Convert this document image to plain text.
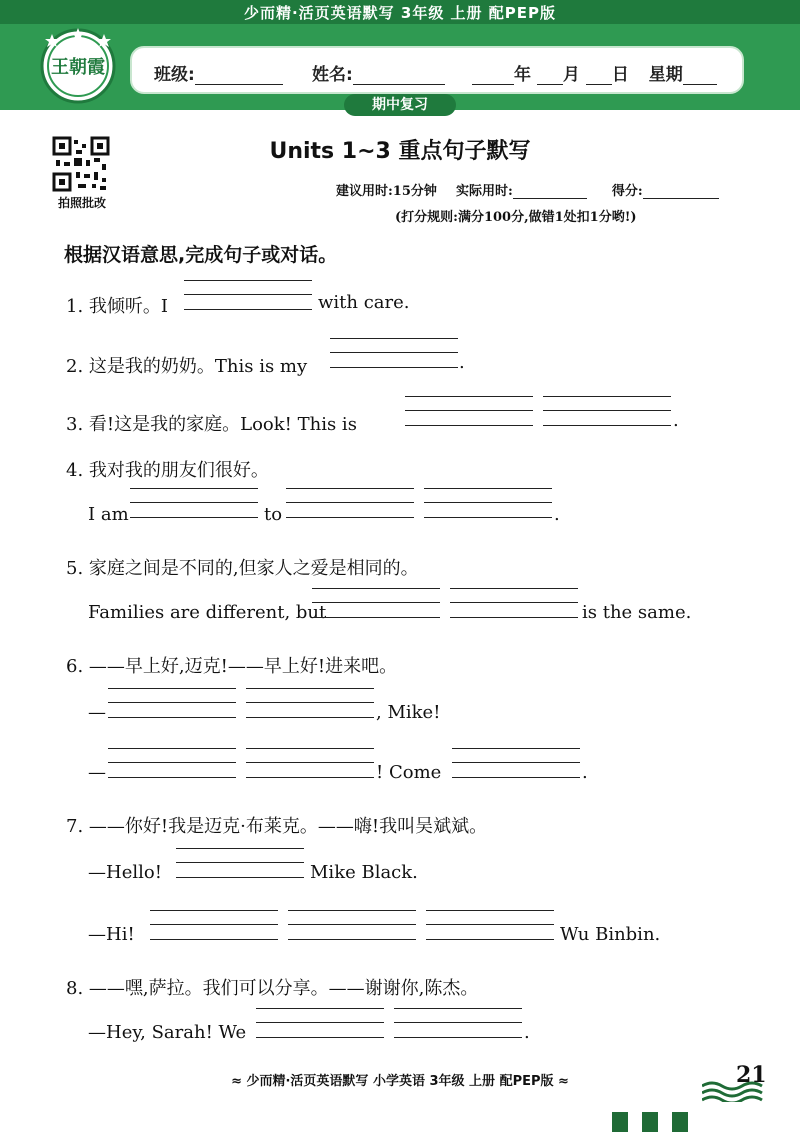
少而精·活页英语默写 3年级 上册 配PEP版
王朝霞	班级:	姓名:	年 月 日 星期
期中复习
拍照批改
Units 1~3 重点句子默写
建议用时:15分钟 实际用时:	得分:
(打分规则:满分100分,做错1处扣1分哟!)
根据汉语意思,完成句子或对话。
1. 我倾听。I	with care.
2. 这是我的奶奶。This is my	.
3. 看!这是我的家庭。Look! This is	.
4. 我对我的朋友们很好。
I am	to	.
5. 家庭之间是不同的,但家人之爱是相同的。
Families are different, but	is the same.
6. ——早上好,迈克!——早上好!进来吧。
—	, Mike!
—	! Come	.
7. ——你好!我是迈克·布莱克。——嗨!我叫吴斌斌。
—Hello!	Mike Black.
—Hi!	Wu Binbin.
8. ——嘿,萨拉。我们可以分享。——谢谢你,陈杰。
—Hey, Sarah! We	.
≈ 少而精·活页英语默写 小学英语 3年级 上册 配PEP版 ≈	21
